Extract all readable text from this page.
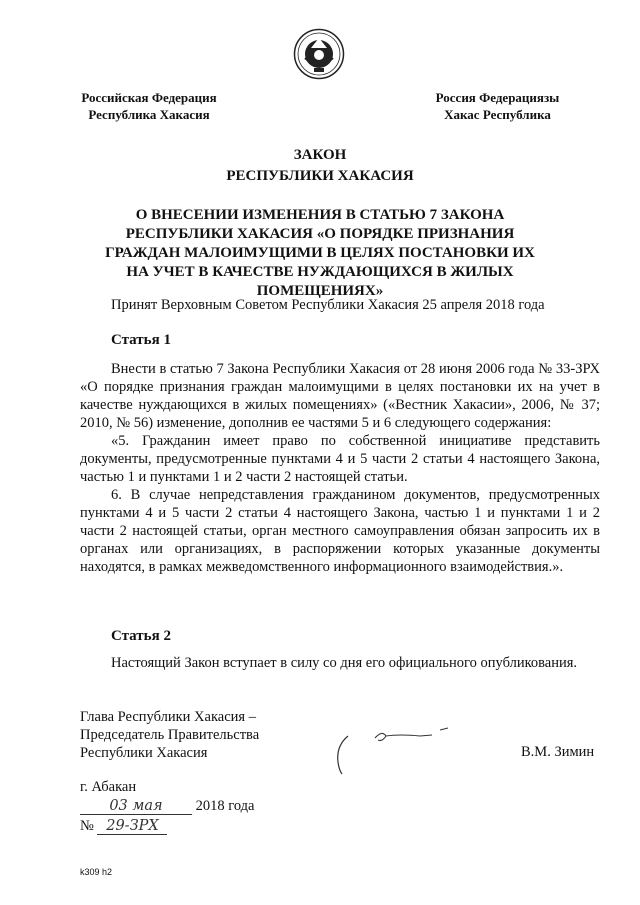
Российская Федерация
Республика Хакасия
Россия Федерациязы
Хакас Республика
ЗАКОН
РЕСПУБЛИКИ ХАКАСИЯ
О ВНЕСЕНИИ ИЗМЕНЕНИЯ В СТАТЬЮ 7 ЗАКОНА РЕСПУБЛИКИ ХАКАСИЯ «О ПОРЯДКЕ ПРИЗНАНИЯ ГРАЖДАН МАЛОИМУЩИМИ В ЦЕЛЯХ ПОСТАНОВКИ ИХ НА УЧЕТ В КАЧЕСТВЕ НУЖДАЮЩИХСЯ В ЖИЛЫХ ПОМЕЩЕНИЯХ»
Принят Верховным Советом Республики Хакасия 25 апреля 2018 года
Статья 1

Внести в статью 7 Закона Республики Хакасия от 28 июня 2006 года № 33-ЗРХ «О порядке признания граждан малоимущими в целях постановки их на учет в качестве нуждающихся в жилых помещениях» («Вестник Хакасии», 2006, № 37; 2010, № 56) изменение, дополнив ее частями 5 и 6 следующего содержания:

«5. Гражданин имеет право по собственной инициативе представить документы, предусмотренные пунктами 4 и 5 части 2 статьи 4 настоящего Закона, частью 1 и пунктами 1 и 2 части 2 настоящей статьи.

6. В случае непредставления гражданином документов, предусмотренных пунктами 4 и 5 части 2 статьи 4 настоящего Закона, частью 1 и пунктами 1 и 2 части 2 настоящей статьи, орган местного самоуправления обязан запросить их в органах или организациях, в распоряжении которых указанные документы находятся, в рамках межведомственного информационного взаимодействия.».

Статья 2

Настоящий Закон вступает в силу со дня его официального опубликования.

Глава Республики Хакасия –
Председатель Правительства
Республики Хакасия	В.М. Зимин
г. Абакан
03 мая 2018 года
№ 29-ЗРХ
k309 h2
